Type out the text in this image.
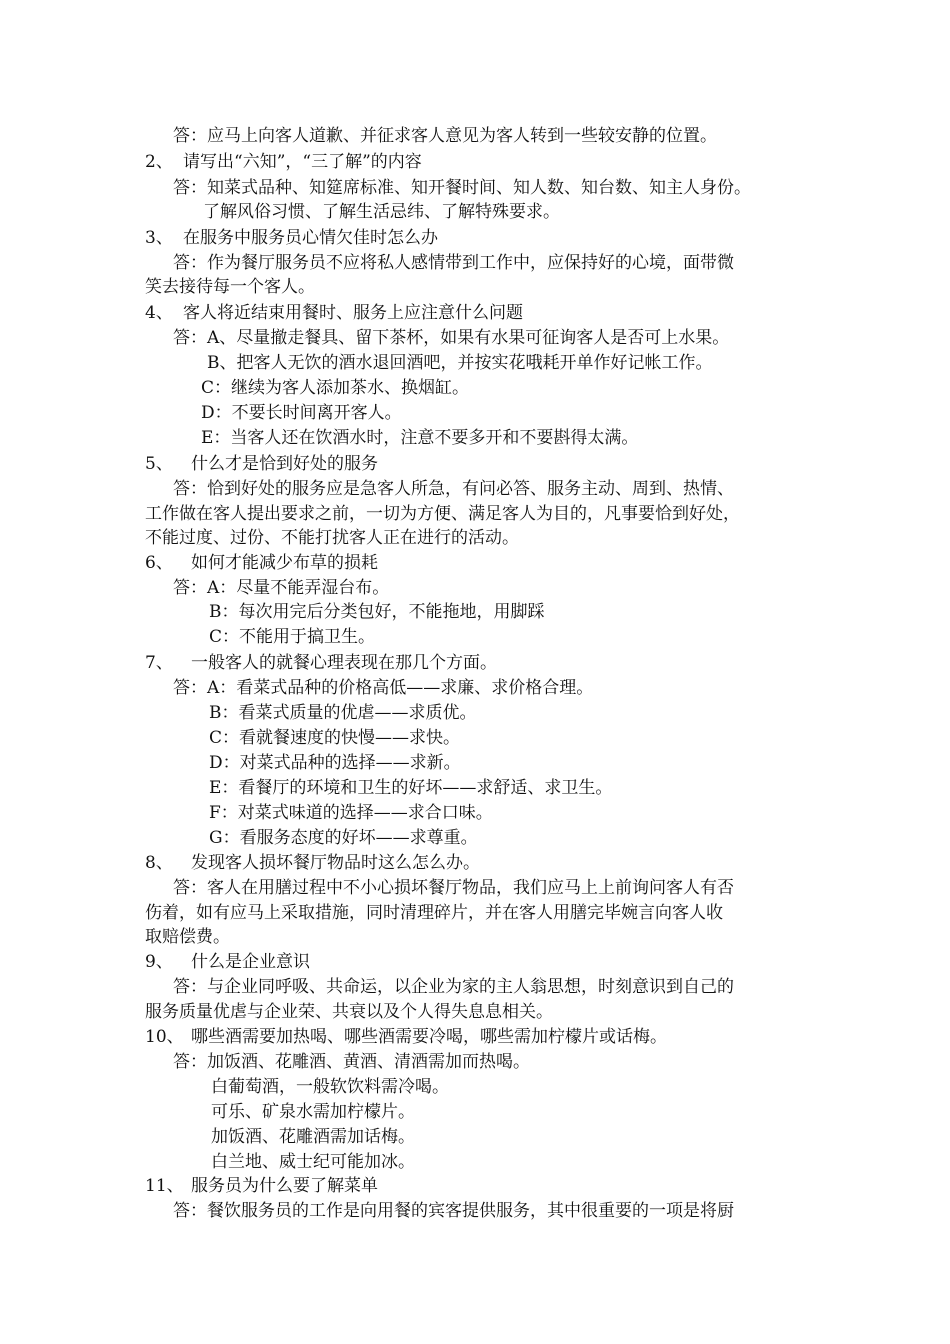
答：应马上向客人道歉、并征求客人意见为客人转到一些较安静的位置。
2、 请写出“六知”，“三了解”的内容
答：知菜式品种、知筵席标准、知开餐时间、知人数、知台数、知主人身份。
了解风俗习惯、了解生活忌纬、了解特殊要求。
3、 在服务中服务员心情欠佳时怎么办
答：作为餐厅服务员不应将私人感情带到工作中，应保持好的心境，面带微
笑去接待每一个客人。
4、 客人将近结束用餐时、服务上应注意什么问题
答：A、尽量撤走餐具、留下茶杯，如果有水果可征询客人是否可上水果。
B、把客人无饮的酒水退回酒吧，并按实花哦耗开单作好记帐工作。
C：继续为客人添加茶水、换烟缸。
D：不要长时间离开客人。
E：当客人还在饮酒水时，注意不要多开和不要斟得太满。
5、 什么才是恰到好处的服务
答：恰到好处的服务应是急客人所急，有问必答、服务主动、周到、热情、
工作做在客人提出要求之前，一切为方便、满足客人为目的，凡事要恰到好处，
不能过度、过份、不能打扰客人正在进行的活动。
6、 如何才能减少布草的损耗
答：A：尽量不能弄湿台布。
B：每次用完后分类包好，不能拖地，用脚踩
C：不能用于搞卫生。
7、 一般客人的就餐心理表现在那几个方面。
答：A：看菜式品种的价格高低——求廉、求价格合理。
B：看菜式质量的优虐——求质优。
C：看就餐速度的快慢——求快。
D：对菜式品种的选择——求新。
E：看餐厅的环境和卫生的好坏——求舒适、求卫生。
F：对菜式味道的选择——求合口味。
G：看服务态度的好坏——求尊重。
8、 发现客人损坏餐厅物品时这么怎么办。
答：客人在用膳过程中不小心损坏餐厅物品，我们应马上上前询问客人有否
伤着，如有应马上采取措施，同时清理碎片，并在客人用膳完毕婉言向客人收
取赔偿费。
9、 什么是企业意识
答：与企业同呼吸、共命运，以企业为家的主人翁思想，时刻意识到自己的
服务质量优虐与企业荣、共衰以及个人得失息息相关。
10、 哪些酒需要加热喝、哪些酒需要冷喝，哪些需加柠檬片或话梅。
答：加饭酒、花雕酒、黄酒、清酒需加而热喝。
白葡萄酒，一般软饮料需冷喝。
可乐、矿泉水需加柠檬片。
加饭酒、花雕酒需加话梅。
白兰地、威士纪可能加冰。
11、 服务员为什么要了解菜单
答：餐饮服务员的工作是向用餐的宾客提供服务，其中很重要的一项是将厨
